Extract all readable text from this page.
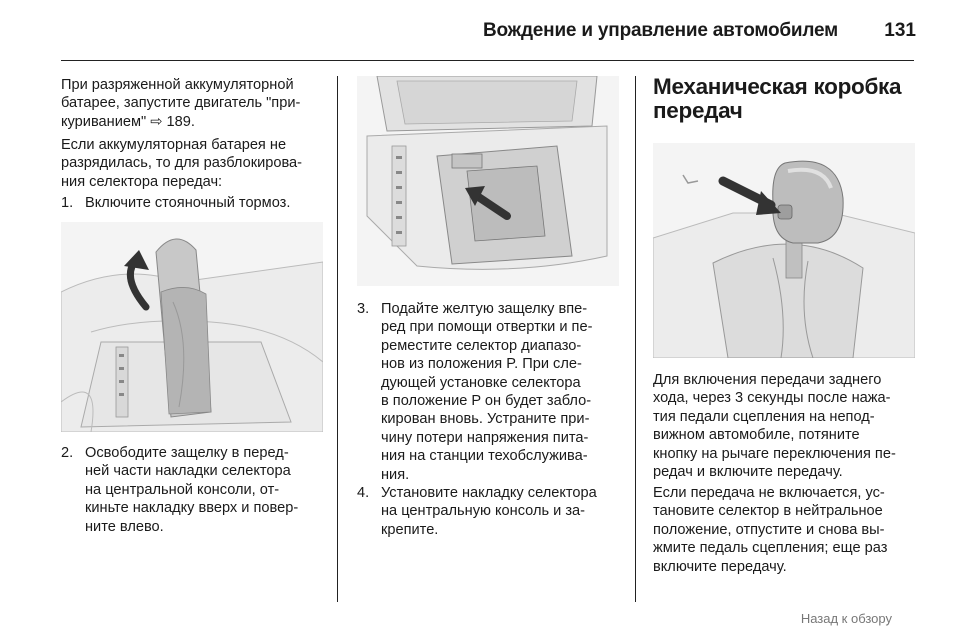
Вождение и управление автомобилем	131

При разряженной аккумуляторной
батарее, запустите двигатель "при-
куриванием" ⇨ 189.

Если аккумуляторная батарея не
разрядилась, то для разблокирова-
ния селектора передач:

1. Включите стояночный тормоз.
2. Освободите защелку в перед-
ней части накладки селектора
на центральной консоли, от-
киньте накладку вверх и повер-
ните влево.
3. Подайте желтую защелку впе-
ред при помощи отвертки и пе-
реместите селектор диапазо-
нов из положения P. При сле-
дующей установке селектора
в положение P он будет забло-
кирован вновь. Устраните при-
чину потери напряжения пита-
ния на станции техобслужива-
ния.
4. Установите накладку селектора
на центральную консоль и за-
крепите.
Механическая коробка
передач

Для включения передачи заднего
хода, через 3 секунды после нажа-
тия педали сцепления на непод-
вижном автомобиле, потяните
кнопку на рычаге переключения пе-
редач и включите передачу.

Если передача не включается, ус-
тановите селектор в нейтральное
положение, отпустите и снова вы-
жмите педаль сцепления; еще раз
включите передачу.

Назад к обзору
